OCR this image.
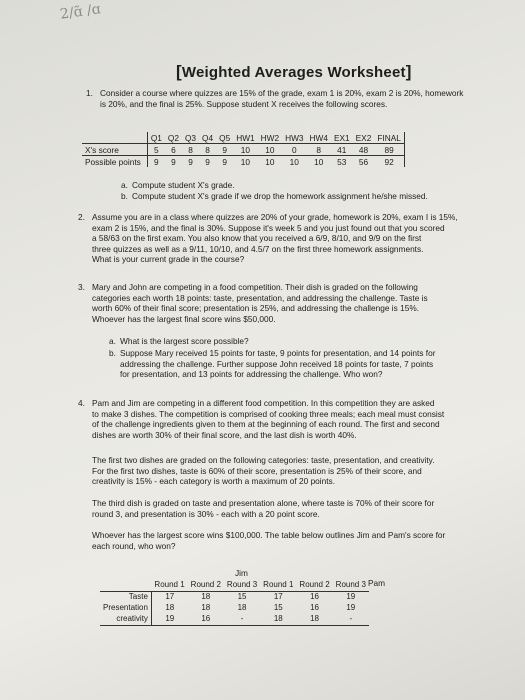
2/ɑ̃ /ɑ
[Weighted Averages Worksheet]
1. Consider a course where quizzes are 15% of the grade, exam 1 is 20%, exam 2 is 20%, homework
is 20%, and the final is 25%. Suppose student X receives the following scores.
	Q1	Q2	Q3	Q4	Q5	HW1	HW2	HW3	HW4	EX1	EX2	FINAL
X's score	5	6	8	8	9	10	10	0	8	41	48	89
Possible points	9	9	9	9	9	10	10	10	10	53	56	92
a. Compute student X's grade.
b. Compute student X's grade if we drop the homework assignment he/she missed.
2. Assume you are in a class where quizzes are 20% of your grade, homework is 20%, exam I is 15%,
exam 2 is 15%, and the final is 30%. Suppose it's week 5 and you just found out that you scored
a 58/63 on the first exam. You also know that you received a 6/9, 8/10, and 9/9 on the first
three quizzes as well as a 9/11, 10/10, and 4.5/7 on the first three homework assignments.
What is your current grade in the course?
3. Mary and John are competing in a food competition. Their dish is graded on the following
categories each worth 18 points: taste, presentation, and addressing the challenge. Taste is
worth 60% of their final score; presentation is 25%, and addressing the challenge is 15%.
Whoever has the largest final score wins $50,000.
a. What is the largest score possible?
b. Suppose Mary received 15 points for taste, 9 points for presentation, and 14 points for
addressing the challenge. Further suppose John received 18 points for taste, 7 points
for presentation, and 13 points for addressing the challenge. Who won?
4. Pam and Jim are competing in a different food competition. In this competition they are asked
to make 3 dishes. The competition is comprised of cooking three meals; each meal must consist
of the challenge ingredients given to them at the beginning of each round. The first and second
dishes are worth 30% of their final score, and the last dish is worth 40%.
The first two dishes are graded on the following categories: taste, presentation, and creativity.
For the first two dishes, taste is 60% of their score, presentation is 25% of their score, and
creativity is 15% - each category is worth a maximum of 20 points.
The third dish is graded on taste and presentation alone, where taste is 70% of their score for
round 3, and presentation is 30% - each with a 20 point score.
Whoever has the largest score wins $100,000. The table below outlines Jim and Pam's score for
each round, who won?
Jim
Pam
	Round 1	Round 2	Round 3	Round 1	Round 2	Round 3
Taste	17	18	15	17	16	19
Presentation	18	18	18	15	16	19
creativity	19	16	-	18	18	-
